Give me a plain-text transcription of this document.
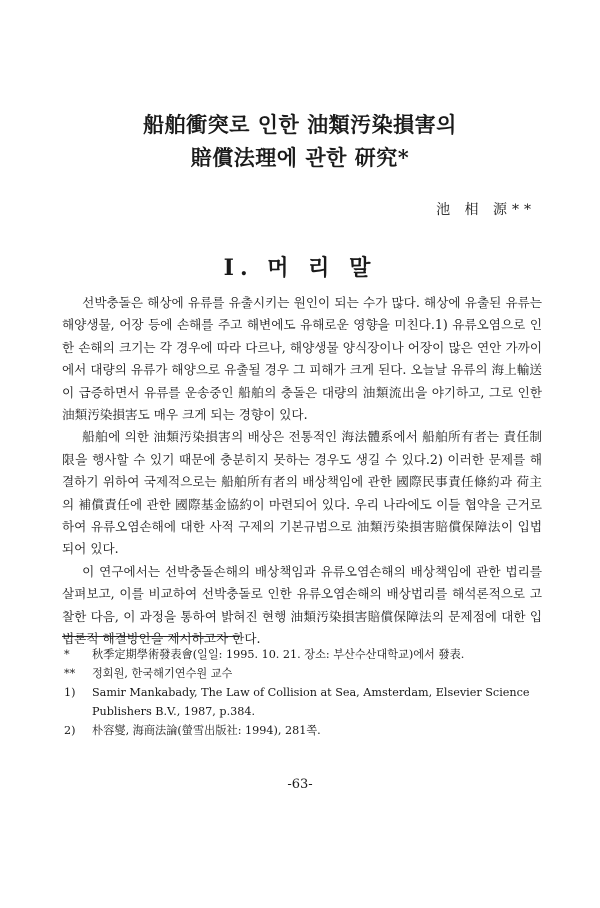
船舶衝突로 인한 油類汚染損害의
賠償法理에 관한 研究*
池 相 源**
I. 머 리 말

선박충돌은 해상에 유류를 유출시키는 원인이 되는 수가 많다. 해상에 유출된 유류는 해양생물, 어장 등에 손해를 주고 해변에도 유해로운 영향을 미친다.1) 유류오염으로 인한 손해의 크기는 각 경우에 따라 다르나, 해양생물 양식장이나 어장이 많은 연안 가까이 에서 대량의 유류가 해양으로 유출될 경우 그 피해가 크게 된다. 오늘날 유류의 海上輸送이 급증하면서 유류를 운송중인 船舶의 충돌은 대량의 油類流出을 야기하고, 그로 인한 油類汚染損害도 매우 크게 되는 경향이 있다.

船舶에 의한 油類汚染損害의 배상은 전통적인 海法體系에서 船舶所有者는 責任制限을 행사할 수 있기 때문에 충분히지 못하는 경우도 생길 수 있다.2) 이러한 문제를 해결하기 위하여 국제적으로는 船舶所有者의 배상책임에 관한 國際民事責任條約과 荷主의 補償責任에 관한 國際基金協約이 마련되어 있다. 우리 나라에도 이들 협약을 근거로 하여 유류오염손해에 대한 사적 구제의 기본규범으로 油類汚染損害賠償保障法이 입법되어 있다.

이 연구에서는 선박충돌손해의 배상책임과 유류오염손해의 배상책임에 관한 법리를 살펴보고, 이를 비교하여 선박충돌로 인한 유류오염손해의 배상법리를 해석론적으로 고찰한 다음, 이 과정을 통하여 밝혀진 현행 油類汚染損害賠償保障法의 문제점에 대한 입법론적 해결방안을 제시하고자 한다.

*	秋季定期學術發表會(일일: 1995. 10. 21. 장소: 부산수산대학교)에서 發表.
**	정회원, 한국해기연수원 교수
1)	Samir Mankabady, The Law of Collision at Sea, Amsterdam, Elsevier Science Publishers B.V., 1987, p.384.
2)	朴容燮, 海商法論(螢雪出版社: 1994), 281쪽.
-63-
